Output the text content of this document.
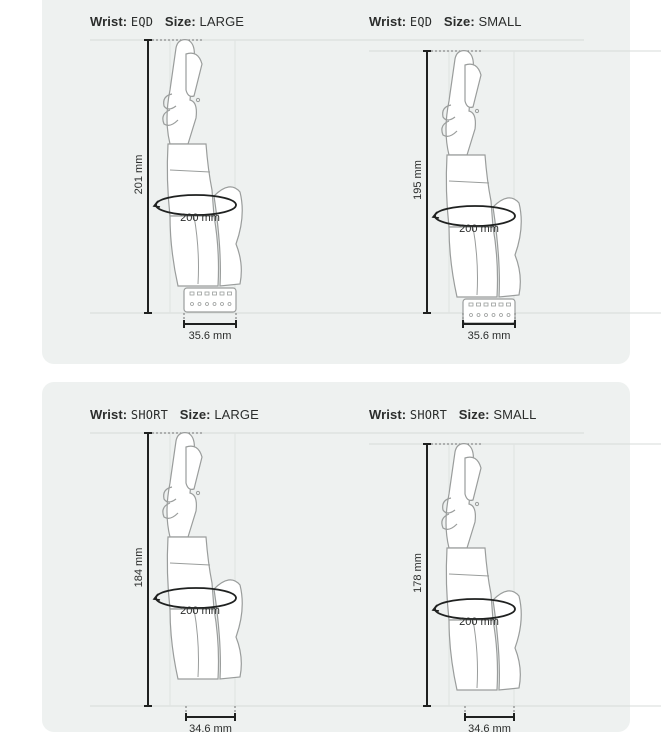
Wrist: EQD Size: LARGE
201 mm
200 mm
35.6 mm
Wrist: EQD Size: SMALL
195 mm
200 mm
35.6 mm
Wrist: SHORT Size: LARGE
184 mm
200 mm
34.6 mm
Wrist: SHORT Size: SMALL
178 mm
200 mm
34.6 mm
